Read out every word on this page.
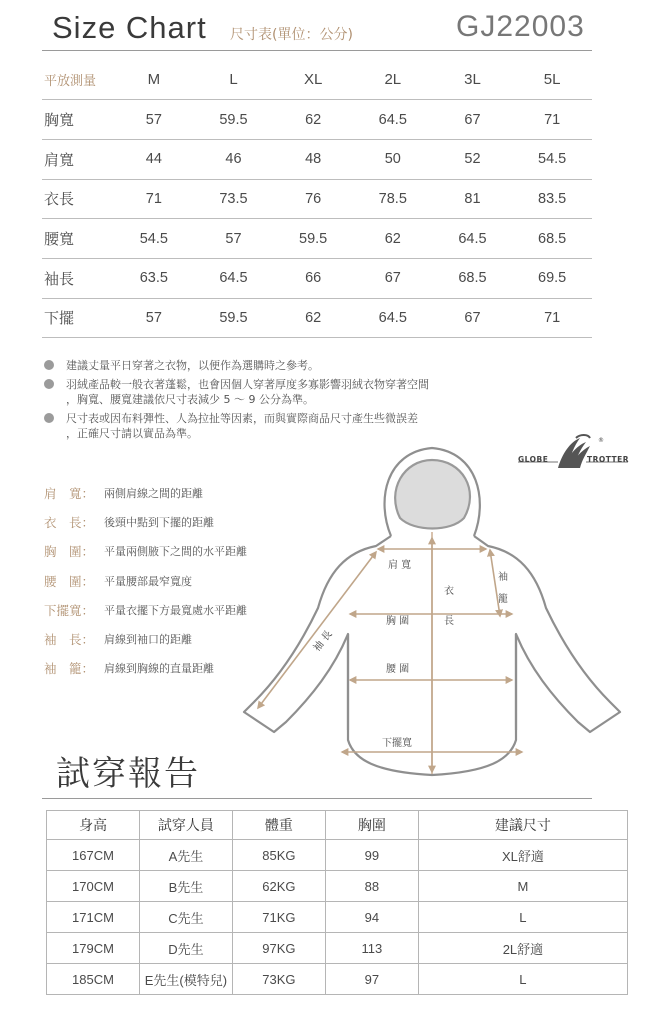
Size Chart 尺寸表(單位：公分)	GJ22003
平放測量	M	L	XL	2L	3L	5L
胸寬	57	59.5	62	64.5	67	71
肩寬	44	46	48	50	52	54.5
衣長	71	73.5	76	78.5	81	83.5
腰寬	54.5	57	59.5	62	64.5	68.5
袖長	63.5	64.5	66	67	68.5	69.5
下擺	57	59.5	62	64.5	67	71
建議丈量平日穿著之衣物，以便作為選購時之參考。
羽絨產品較一般衣著蓬鬆，也會因個人穿著厚度多寡影響羽絨衣物穿著空間
，胸寬、腰寬建議依尺寸表減少 5 ～ 9 公分為準。
尺寸表或因布料彈性、人為拉扯等因素，而與實際商品尺寸產生些微誤差
，正確尺寸請以實品為準。
®
GLOBE	TROTTER
肩　寬： 兩側肩線之間的距離
衣　長： 後頸中點到下擺的距離
胸　圍： 平量兩側腋下之間的水平距離
腰　圍： 平量腰部最窄寬度
下擺寬： 平量衣擺下方最寬處水平距離
袖　長： 肩線到袖口的距離
袖　籠： 肩線到胸線的直量距離
肩 寬
衣
長
胸 圍
腰 圍
下擺寬
袖 長
袖
籠
試穿報告
身高	試穿人員	體重	胸圍	建議尺寸
167CM	A先生	85KG	99	XL舒適
170CM	B先生	62KG	88	M
171CM	C先生	71KG	94	L
179CM	D先生	97KG	113	2L舒適
185CM	E先生(模特兒)	73KG	97	L
